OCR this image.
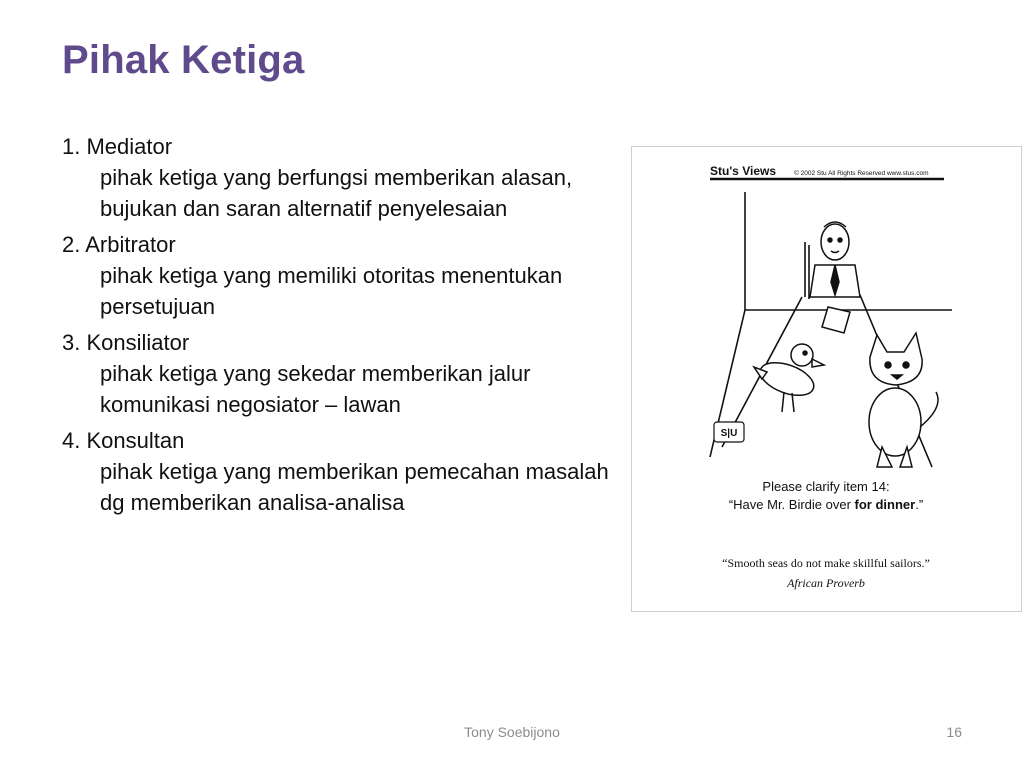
Pihak Ketiga
1. Mediator
pihak ketiga yang berfungsi memberikan alasan, bujukan dan saran alternatif penyelesaian
2. Arbitrator
pihak ketiga yang memiliki otoritas menentukan persetujuan
3. Konsiliator
pihak ketiga yang sekedar memberikan jalur komunikasi negosiator – lawan
4. Konsultan
pihak ketiga yang memberikan pemecahan masalah dg memberikan analisa-analisa
Stu's Views	© 2002 Stu All Rights Reserved www.stus.com
S|U
Please clarify item 14:
“Have Mr. Birdie over for dinner.”
“Smooth seas do not make skillful sailors.”
African Proverb
Tony Soebijono	16
